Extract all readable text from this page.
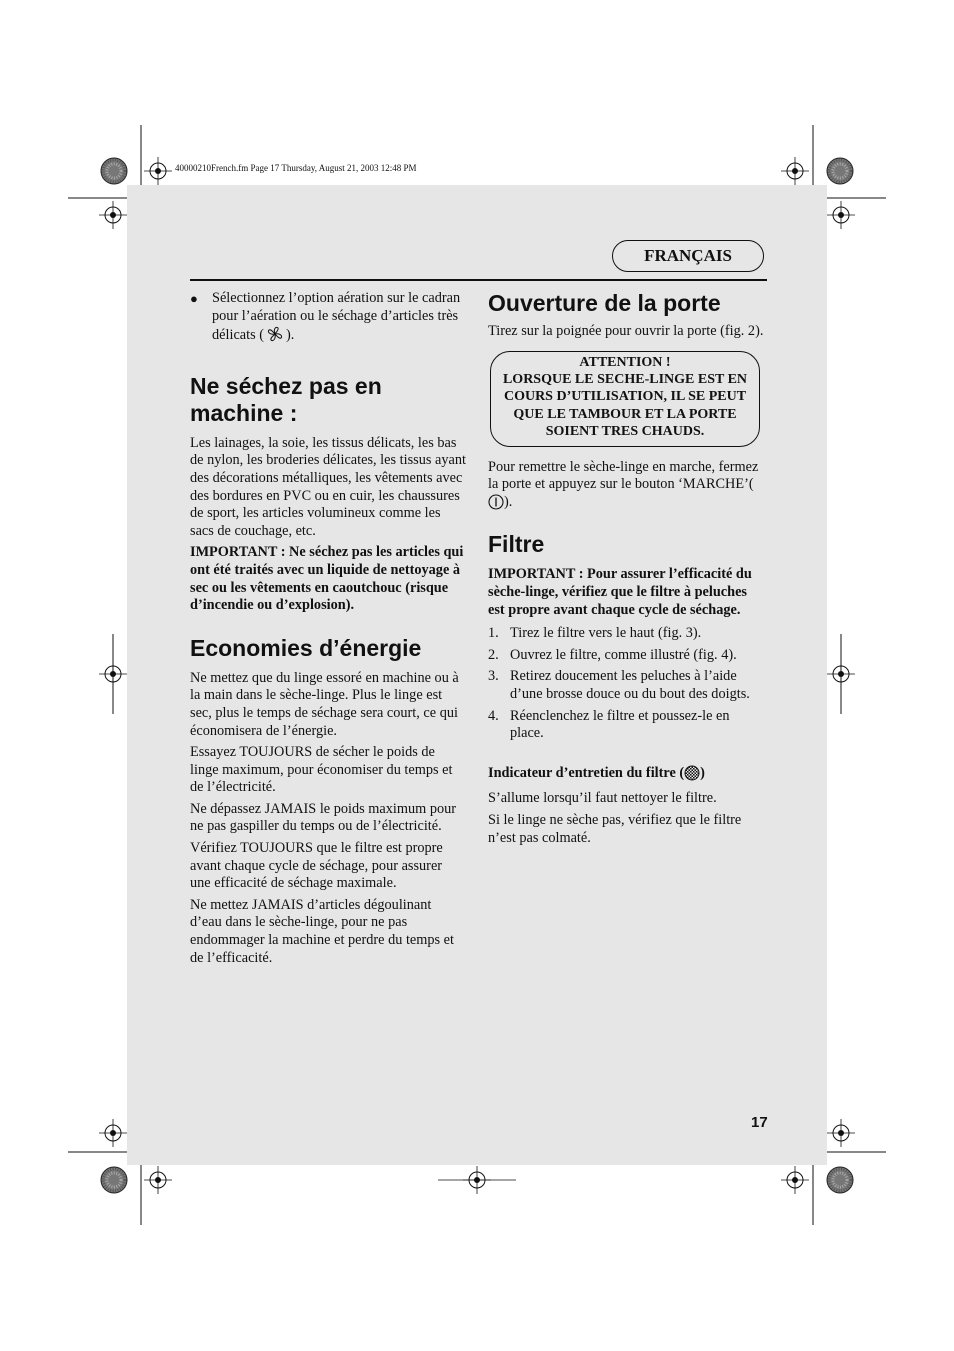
40000210French.fm Page 17 Thursday, August 21, 2003 12:48 PM
FRANÇAIS
● Sélectionnez l’option aération sur le cadran pour l’aération ou le séchage d’articles très délicats ( ).

Ne séchez pas en machine :

Les lainages, la soie, les tissus délicats, les bas de nylon, les broderies délicates, les tissus ayant des décorations métalliques, les vêtements avec des bordures en PVC ou en cuir, les chaussures de sport, les articles volumineux comme les sacs de couchage, etc.

IMPORTANT : Ne séchez pas les articles qui ont été traités avec un liquide de nettoyage à sec ou les vêtements en caoutchouc (risque d’incendie ou d’explosion).

Economies d’énergie

Ne mettez que du linge essoré en machine ou à la main dans le sèche-linge. Plus le linge est sec, plus le temps de séchage sera court, ce qui économisera de l’énergie.

Essayez TOUJOURS de sécher le poids de linge maximum, pour économiser du temps et de l’électricité.

Ne dépassez JAMAIS le poids maximum pour ne pas gaspiller du temps ou de l’électricité.

Vérifiez TOUJOURS que le filtre est propre avant chaque cycle de séchage, pour assurer une efficacité de séchage maximale.

Ne mettez JAMAIS d’articles dégoulinant d’eau dans le sèche-linge, pour ne pas endommager la machine et perdre du temps et de l’efficacité.

Ouverture de la porte

Tirez sur la poignée pour ouvrir la porte (fig. 2).

ATTENTION !
LORSQUE LE SECHE-LINGE EST EN COURS D’UTILISATION, IL SE PEUT QUE LE TAMBOUR ET LA PORTE SOIENT TRES CHAUDS.

Pour remettre le sèche-linge en marche, fermez la porte et appuyez sur le bouton ‘MARCHE’().

Filtre

IMPORTANT : Pour assurer l’efficacité du sèche-linge, vérifiez que le filtre à peluches est propre avant chaque cycle de séchage.

1. Tirez le filtre vers le haut (fig. 3).
2. Ouvrez le filtre, comme illustré (fig. 4).
3. Retirez doucement les peluches à l’aide d’une brosse douce ou du bout des doigts.
4. Réenclenchez le filtre et poussez-le en place.

Indicateur d’entretien du filtre ( )

S’allume lorsqu’il faut nettoyer le filtre.

Si le linge ne sèche pas, vérifiez que le filtre n’est pas colmaté.

17
